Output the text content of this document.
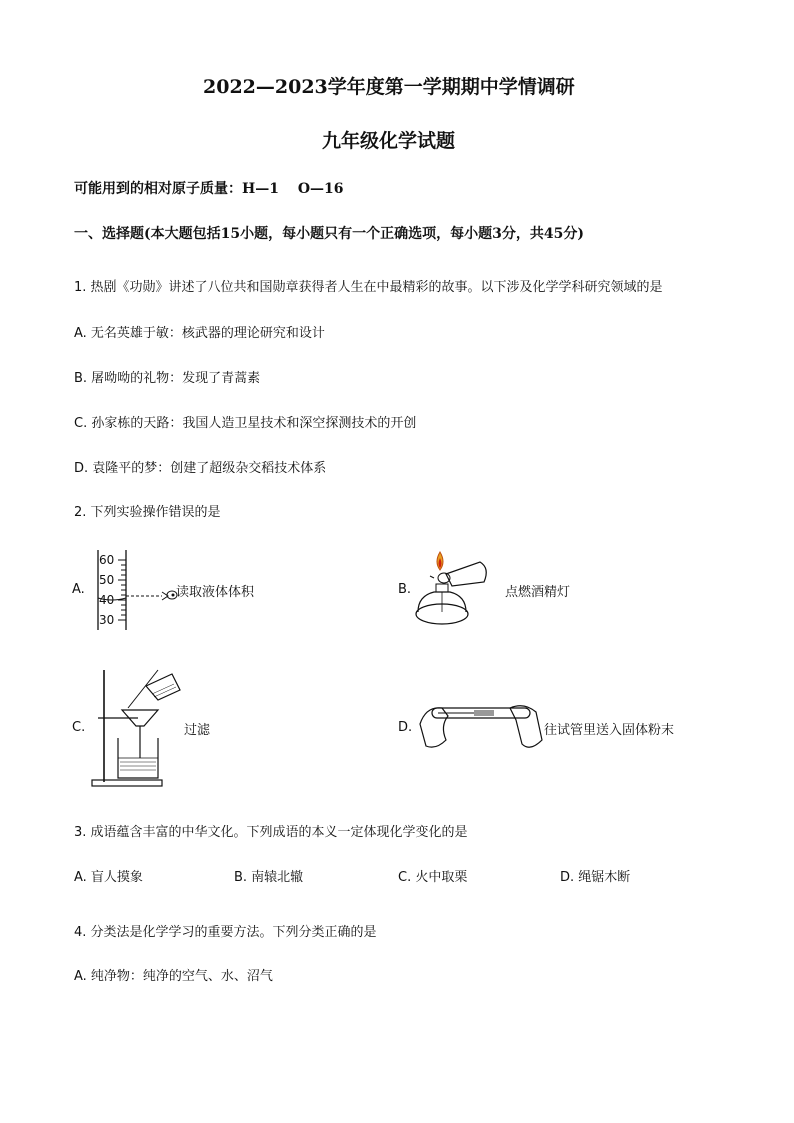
2022—2023学年度第一学期期中学情调研
九年级化学试题
可能用到的相对原子质量：H—1　 O—16
一、选择题(本大题包括15小题，每小题只有一个正确选项，每小题3分，共45分)
1. 热剧《功勋》讲述了八位共和国勋章获得者人生在中最精彩的故事。以下涉及化学学科研究领域的是
A. 无名英雄于敏：核武器的理论研究和设计
B. 屠呦呦的礼物：发现了青蒿素
C. 孙家栋的天路：我国人造卫星技术和深空探测技术的开创
D. 袁隆平的梦：创建了超级杂交稻技术体系
2. 下列实验操作错误的是
A.
60
50
40
30
读取液体体积	B.	点燃酒精灯
C.	过滤	D.	往试管里送入固体粉末
3. 成语蕴含丰富的中华文化。下列成语的本义一定体现化学变化的是
A. 盲人摸象	B. 南辕北辙	C. 火中取栗	D. 绳锯木断
4. 分类法是化学学习的重要方法。下列分类正确的是
A. 纯净物：纯净的空气、水、沼气
